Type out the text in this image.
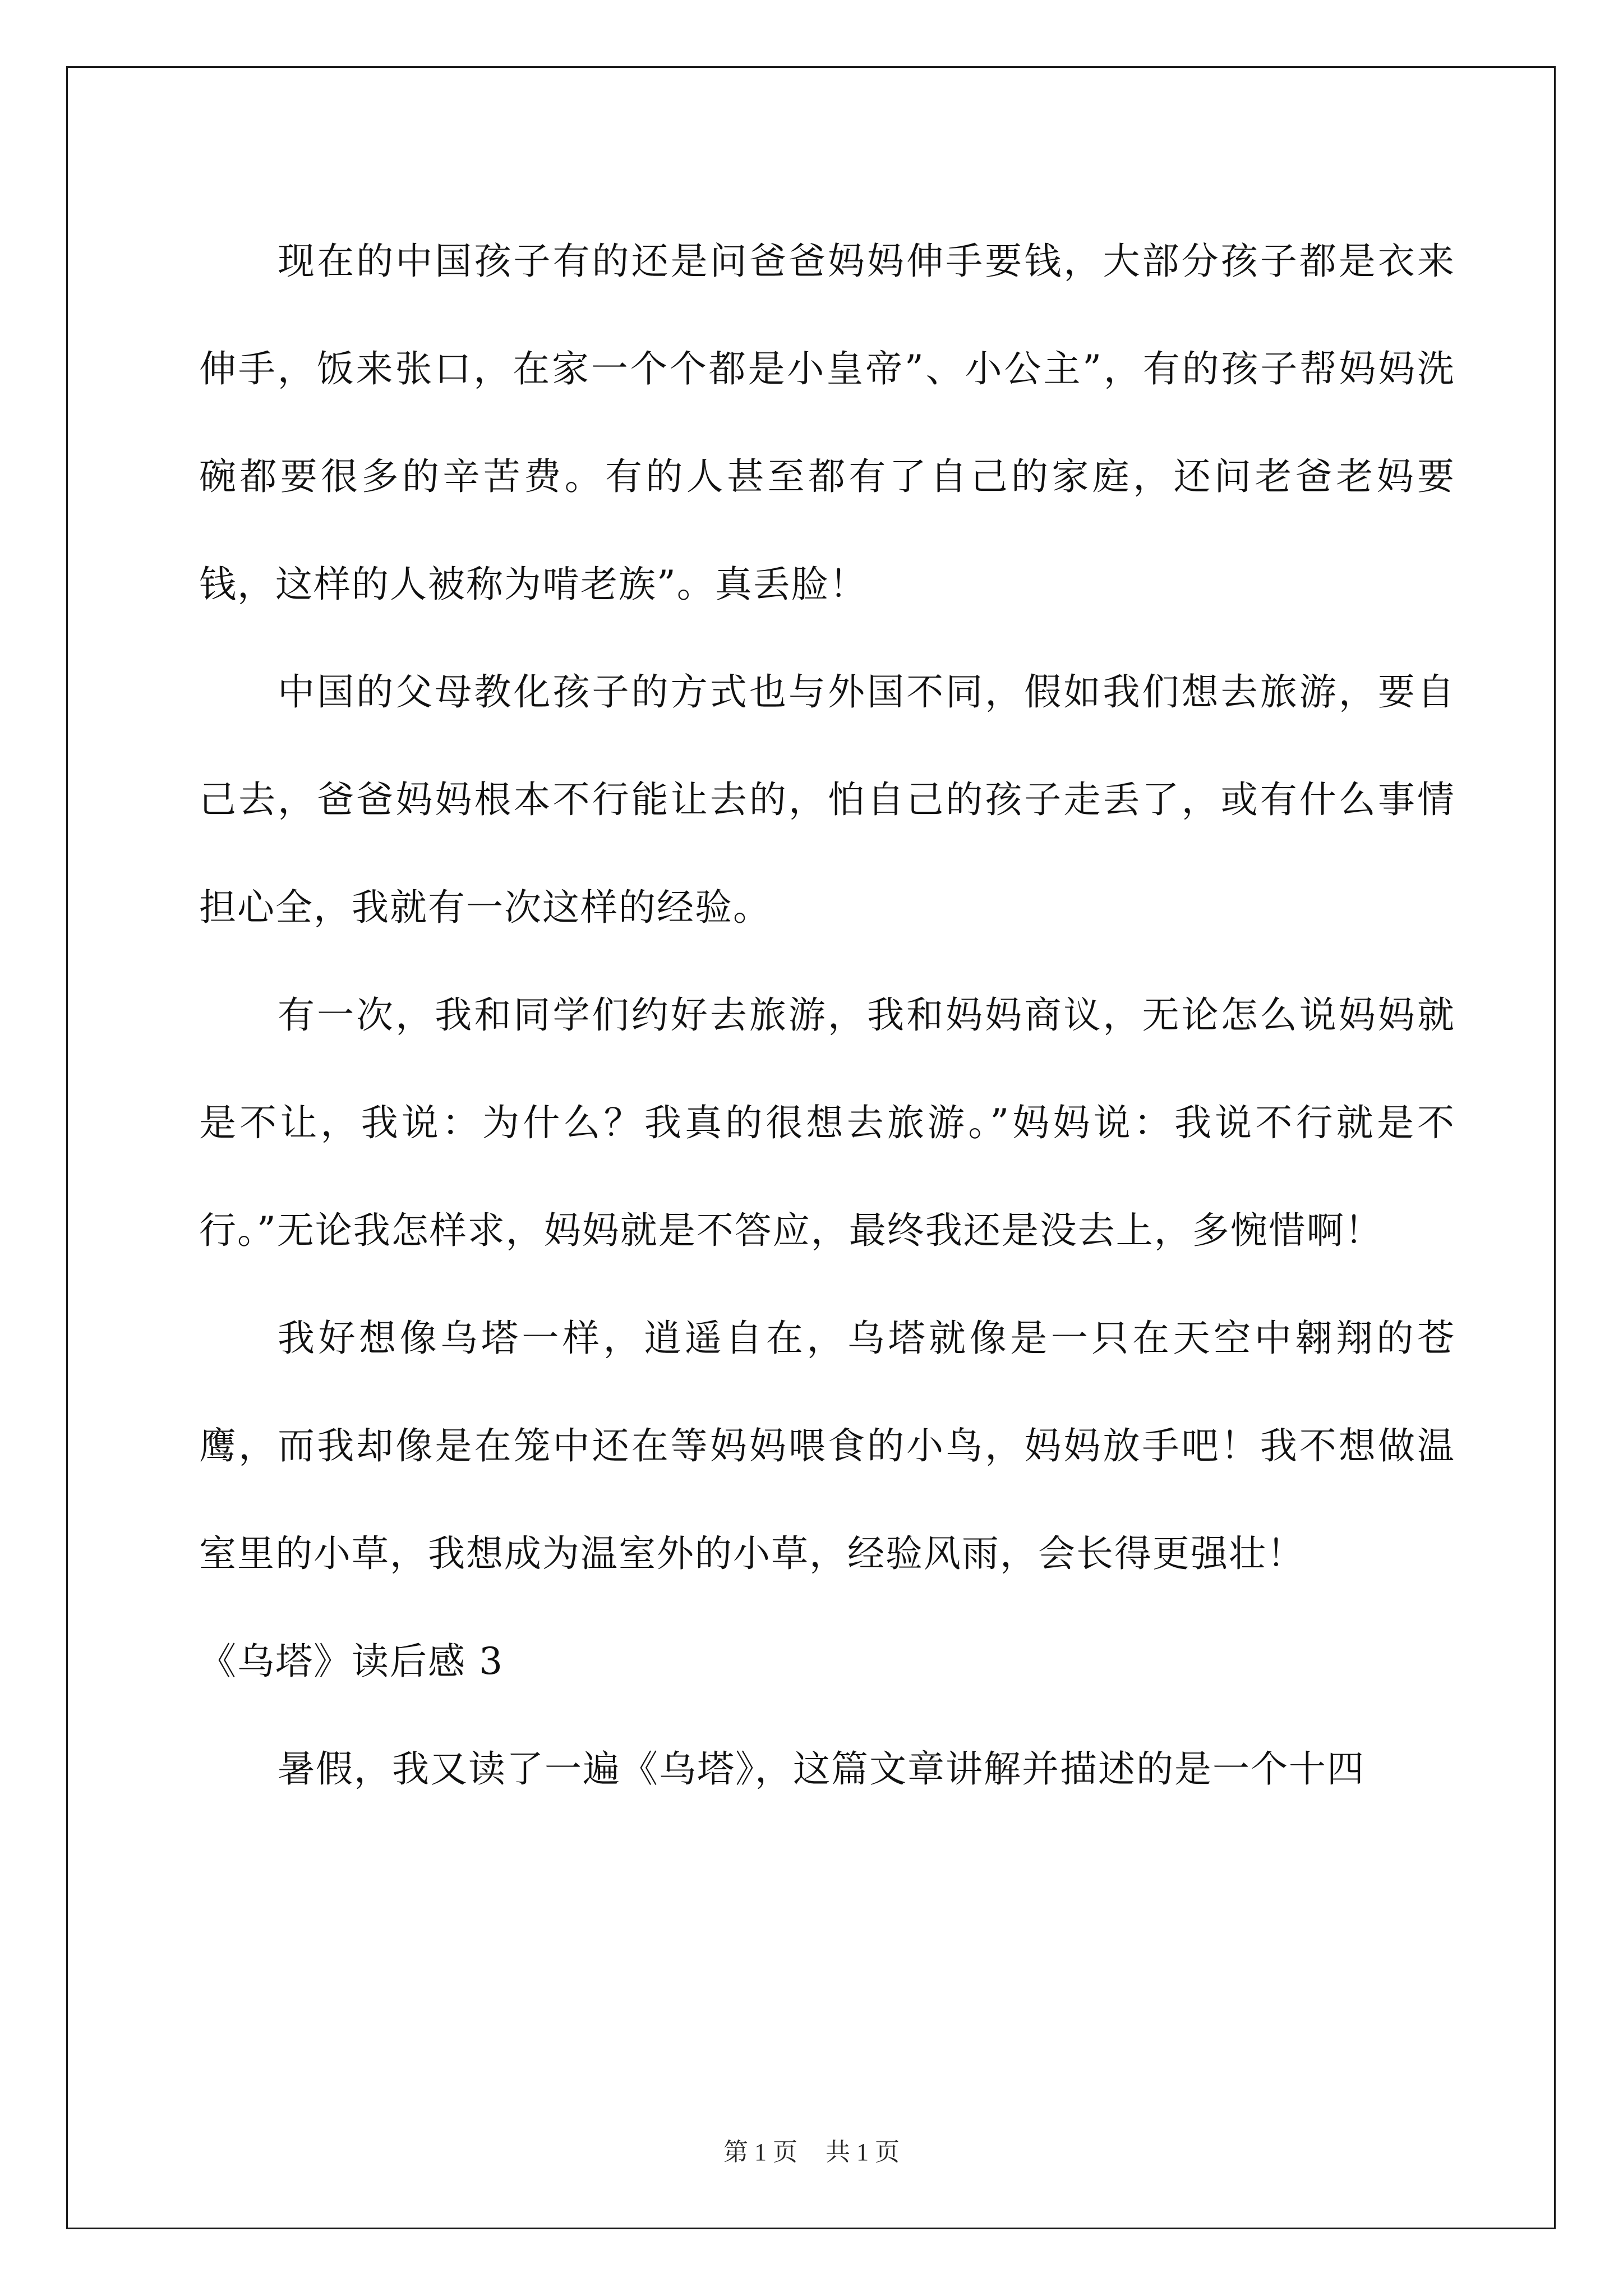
现在的中国孩子有的还是问爸爸妈妈伸手要钱，大部分孩子都是衣来伸手，饭来张口，在家一个个都是小皇帝”、小公主”，有的孩子帮妈妈洗碗都要很多的辛苦费。有的人甚至都有了自己的家庭，还问老爸老妈要钱，这样的人被称为啃老族”。真丢脸！

中国的父母教化孩子的方式也与外国不同，假如我们想去旅游，要自己去，爸爸妈妈根本不行能让去的，怕自己的孩子走丢了，或有什么事情担心全，我就有一次这样的经验。

有一次，我和同学们约好去旅游，我和妈妈商议，无论怎么说妈妈就是不让，我说：为什么？我真的很想去旅游。”妈妈说：我说不行就是不行。”无论我怎样求，妈妈就是不答应，最终我还是没去上，多惋惜啊！

我好想像乌塔一样，逍遥自在，乌塔就像是一只在天空中翱翔的苍鹰，而我却像是在笼中还在等妈妈喂食的小鸟，妈妈放手吧！我不想做温室里的小草，我想成为温室外的小草，经验风雨，会长得更强壮！

《乌塔》读后感 3

暑假，我又读了一遍《乌塔》，这篇文章讲解并描述的是一个十四

第 1 页 共 1 页
